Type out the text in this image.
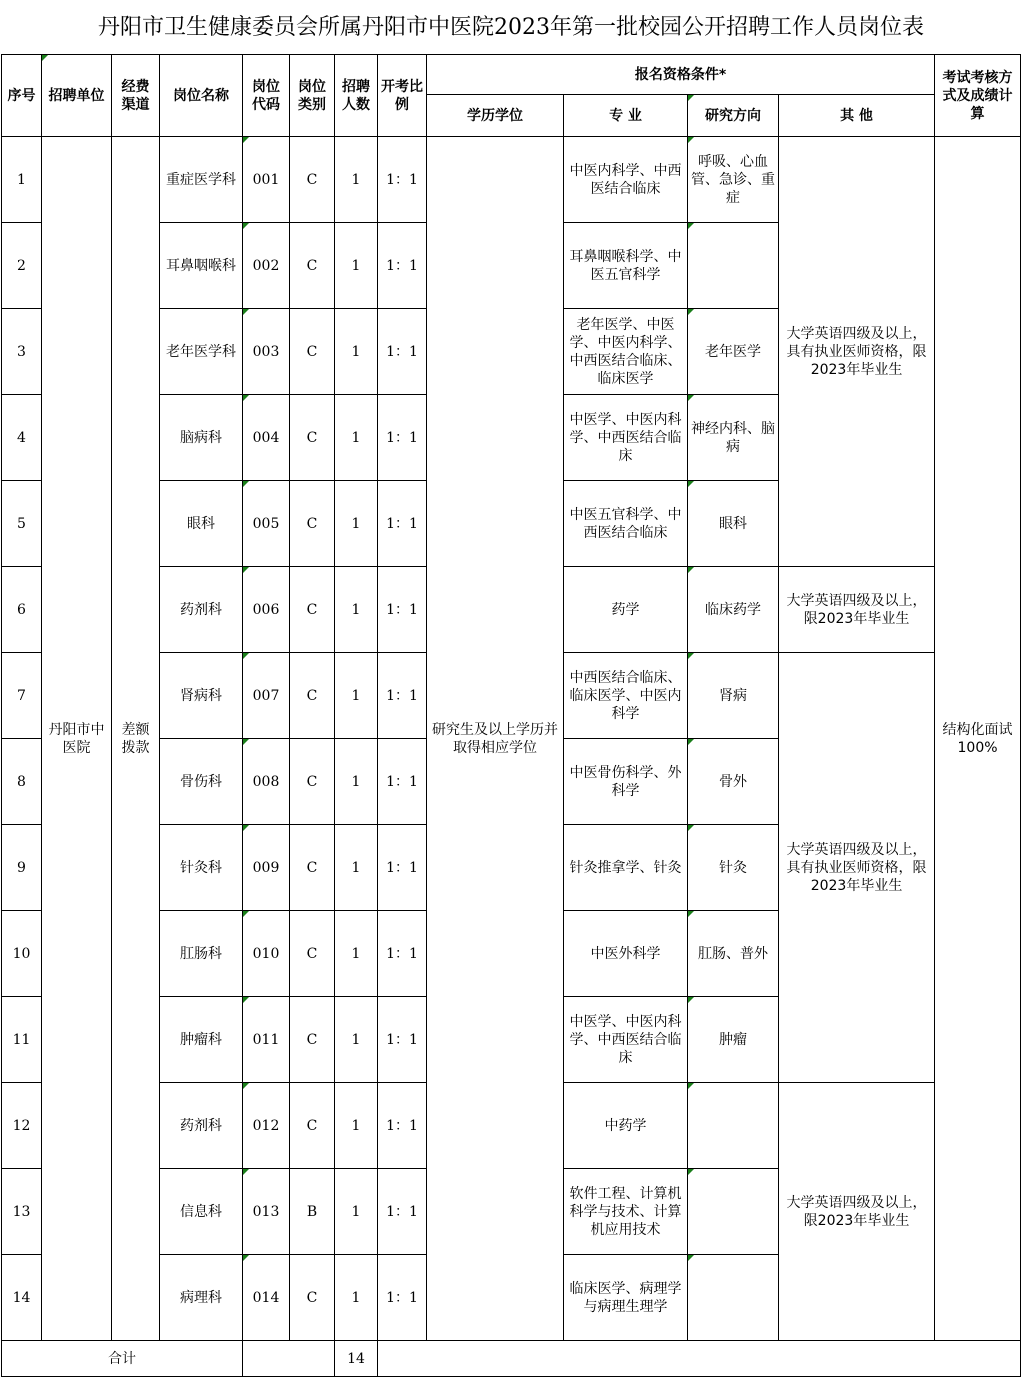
丹阳市卫生健康委员会所属丹阳市中医院2023年第一批校园公开招聘工作人员岗位表
序号	招聘单位	经费渠道	岗位名称	岗位代码	岗位类别	招聘人数	开考比例	报名资格条件*				考试考核方式及成绩计算
								学历学位	专 业	研究方向	其 他	
1	丹阳市中医院	差额拨款	重症医学科	001	C	1	1：1	研究生及以上学历并取得相应学位	中医内科学、中西医结合临床	呼吸、心血管、急诊、重症	大学英语四级及以上，具有执业医师资格，限2023年毕业生	结构化面试100%
2			耳鼻咽喉科	002	C	1	1：1		耳鼻咽喉科学、中医五官科学			
3			老年医学科	003	C	1	1：1		老年医学、中医学、中医内科学、中西医结合临床、临床医学	老年医学		
4			脑病科	004	C	1	1：1		中医学、中医内科学、中西医结合临床	神经内科、脑病		
5			眼科	005	C	1	1：1		中医五官科学、中西医结合临床	眼科		
6			药剂科	006	C	1	1：1		药学	临床药学	大学英语四级及以上，限2023年毕业生	
7			肾病科	007	C	1	1：1		中西医结合临床、临床医学、中医内科学	肾病	大学英语四级及以上，具有执业医师资格，限2023年毕业生	
8			骨伤科	008	C	1	1：1		中医骨伤科学、外科学	骨外		
9			针灸科	009	C	1	1：1		针灸推拿学、针灸	针灸		
10			肛肠科	010	C	1	1：1		中医外科学	肛肠、普外		
11			肿瘤科	011	C	1	1：1		中医学、中医内科学、中西医结合临床	肿瘤		
12			药剂科	012	C	1	1：1		中药学		大学英语四级及以上，限2023年毕业生	
13			信息科	013	B	1	1：1		软件工程、计算机科学与技术、计算机应用技术			
14			病理科	014	C	1	1：1		临床医学、病理学与病理生理学			
合计						14						
